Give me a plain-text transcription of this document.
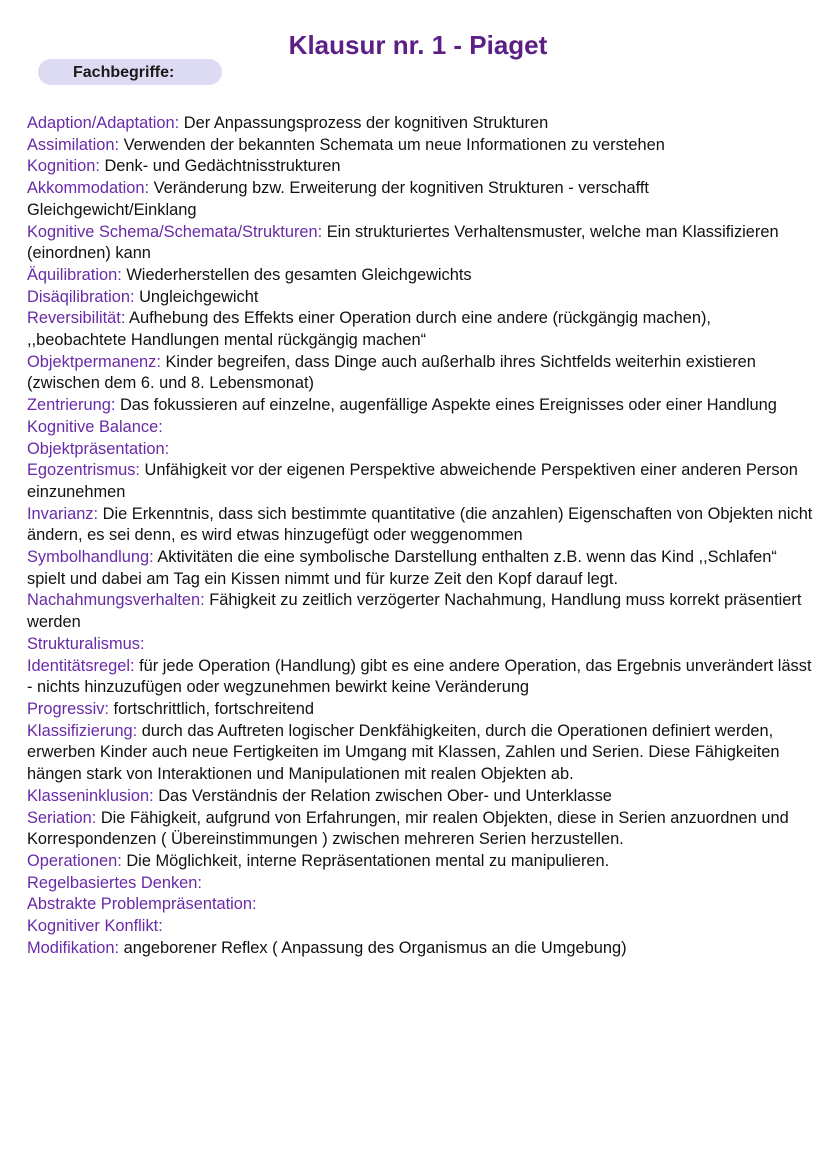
Klausur nr. 1 - Piaget
Fachbegriffe:
Adaption/Adaptation: Der Anpassungsprozess der kognitiven Strukturen
Assimilation: Verwenden der bekannten Schemata um neue Informationen zu verstehen
Kognition: Denk- und Gedächtnisstrukturen
Akkommodation: Veränderung bzw. Erweiterung der kognitiven Strukturen - verschafft Gleichgewicht/Einklang
Kognitive Schema/Schemata/Strukturen: Ein strukturiertes Verhaltensmuster, welche man Klassifizieren (einordnen) kann
Äquilibration: Wiederherstellen des gesamten Gleichgewichts
Disäqilibration: Ungleichgewicht
Reversibilität: Aufhebung des Effekts einer Operation durch eine andere (rückgängig machen), ,,beobachtete Handlungen mental rückgängig machen“
Objektpermanenz: Kinder begreifen, dass Dinge auch außerhalb ihres Sichtfelds weiterhin existieren (zwischen dem 6. und 8. Lebensmonat)
Zentrierung: Das fokussieren auf einzelne, augenfällige Aspekte eines Ereignisses oder einer Handlung
Kognitive Balance:
Objektpräsentation:
Egozentrismus: Unfähigkeit vor der eigenen Perspektive abweichende Perspektiven einer anderen Person einzunehmen
Invarianz: Die Erkenntnis, dass sich bestimmte quantitative (die anzahlen) Eigenschaften von Objekten nicht ändern, es sei denn, es wird etwas hinzugefügt oder weggenommen
Symbolhandlung: Aktivitäten die eine symbolische Darstellung enthalten z.B. wenn das Kind ,,Schlafen“ spielt und dabei am Tag ein Kissen nimmt und für kurze Zeit den Kopf darauf legt.
Nachahmungsverhalten: Fähigkeit zu zeitlich verzögerter Nachahmung, Handlung muss korrekt präsentiert werden
Strukturalismus:
Identitätsregel: für jede Operation (Handlung) gibt es eine andere Operation, das Ergebnis unverändert lässt - nichts hinzuzufügen oder wegzunehmen bewirkt keine Veränderung
Progressiv: fortschrittlich, fortschreitend
Klassifizierung: durch das Auftreten logischer Denkfähigkeiten, durch die Operationen definiert werden, erwerben Kinder auch neue Fertigkeiten im Umgang mit Klassen, Zahlen und Serien. Diese Fähigkeiten hängen stark von Interaktionen und Manipulationen mit realen Objekten ab.
Klasseninklusion: Das Verständnis der Relation zwischen Ober- und Unterklasse
Seriation: Die Fähigkeit, aufgrund von Erfahrungen, mir realen Objekten, diese in Serien anzuordnen und Korrespondenzen ( Übereinstimmungen ) zwischen mehreren Serien herzustellen.
Operationen: Die Möglichkeit, interne Repräsentationen mental zu manipulieren.
Regelbasiertes Denken:
Abstrakte Problempräsentation:
Kognitiver Konflikt:
Modifikation: angeborener Reflex ( Anpassung des Organismus an die Umgebung)
